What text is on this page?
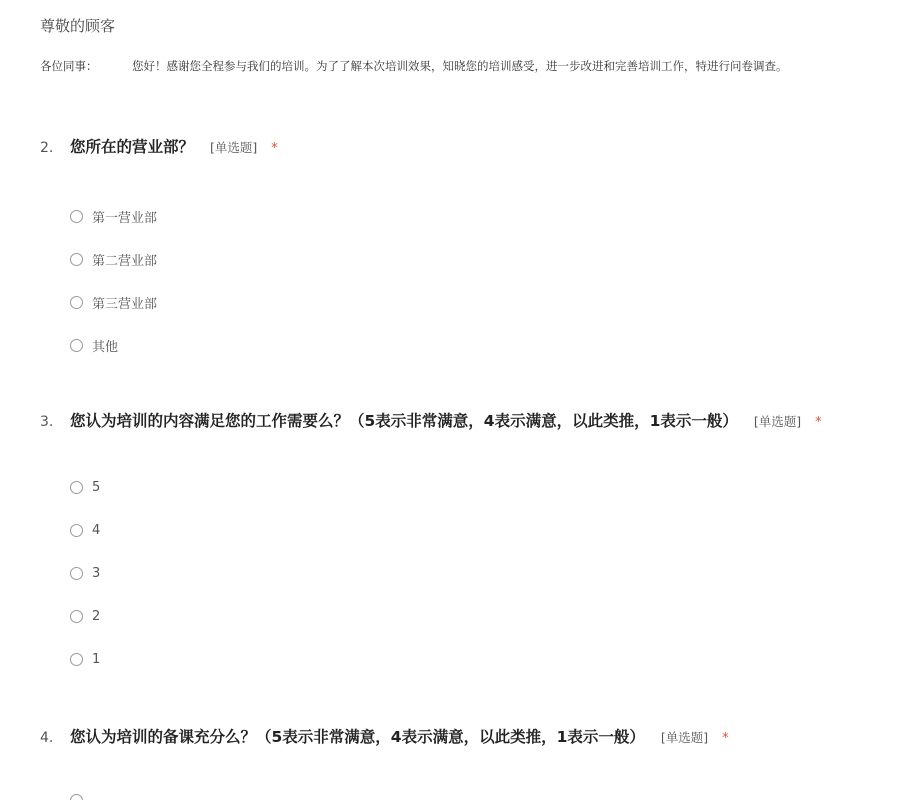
尊敬的顾客
各位同事：	您好！感谢您全程参与我们的培训。为了了解本次培训效果，知晓您的培训感受，进一步改进和完善培训工作，特进行问卷调查。
2.	您所在的营业部？ [单选题] *
第一营业部
第二营业部
第三营业部
其他
3.	您认为培训的内容满足您的工作需要么？（5表示非常满意，4表示满意，以此类推，1表示一般） [单选题] *
5
4
3
2
1
4.	您认为培训的备课充分么？（5表示非常满意，4表示满意，以此类推，1表示一般） [单选题] *
